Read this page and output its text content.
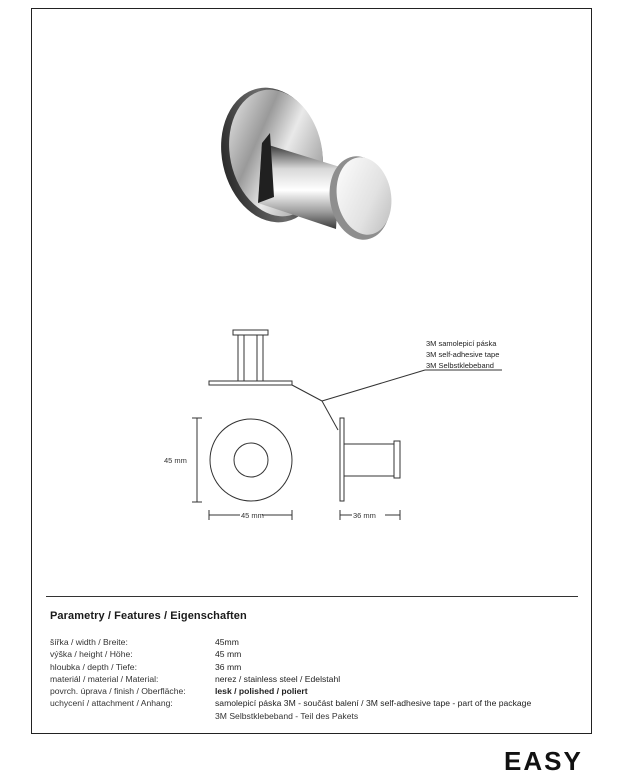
3M samolepicí páska
3M self-adhesive tape
3M Selbstklebeband
45 mm
45 mm	36 mm
Parametry / Features / Eigenschaften
šířka / width / Breite:	45mm
výška / height / Höhe:	45 mm
hloubka / depth / Tiefe:	36 mm
materiál / material / Material:	nerez / stainless steel / Edelstahl
povrch. úprava / finish / Oberfläche:	lesk / polished / poliert
uchycení / attachment / Anhang:	samolepicí páska 3M - součást balení / 3M self-adhesive tape - part of the package
3M Selbstklebeband - Teil des Pakets
EASY
